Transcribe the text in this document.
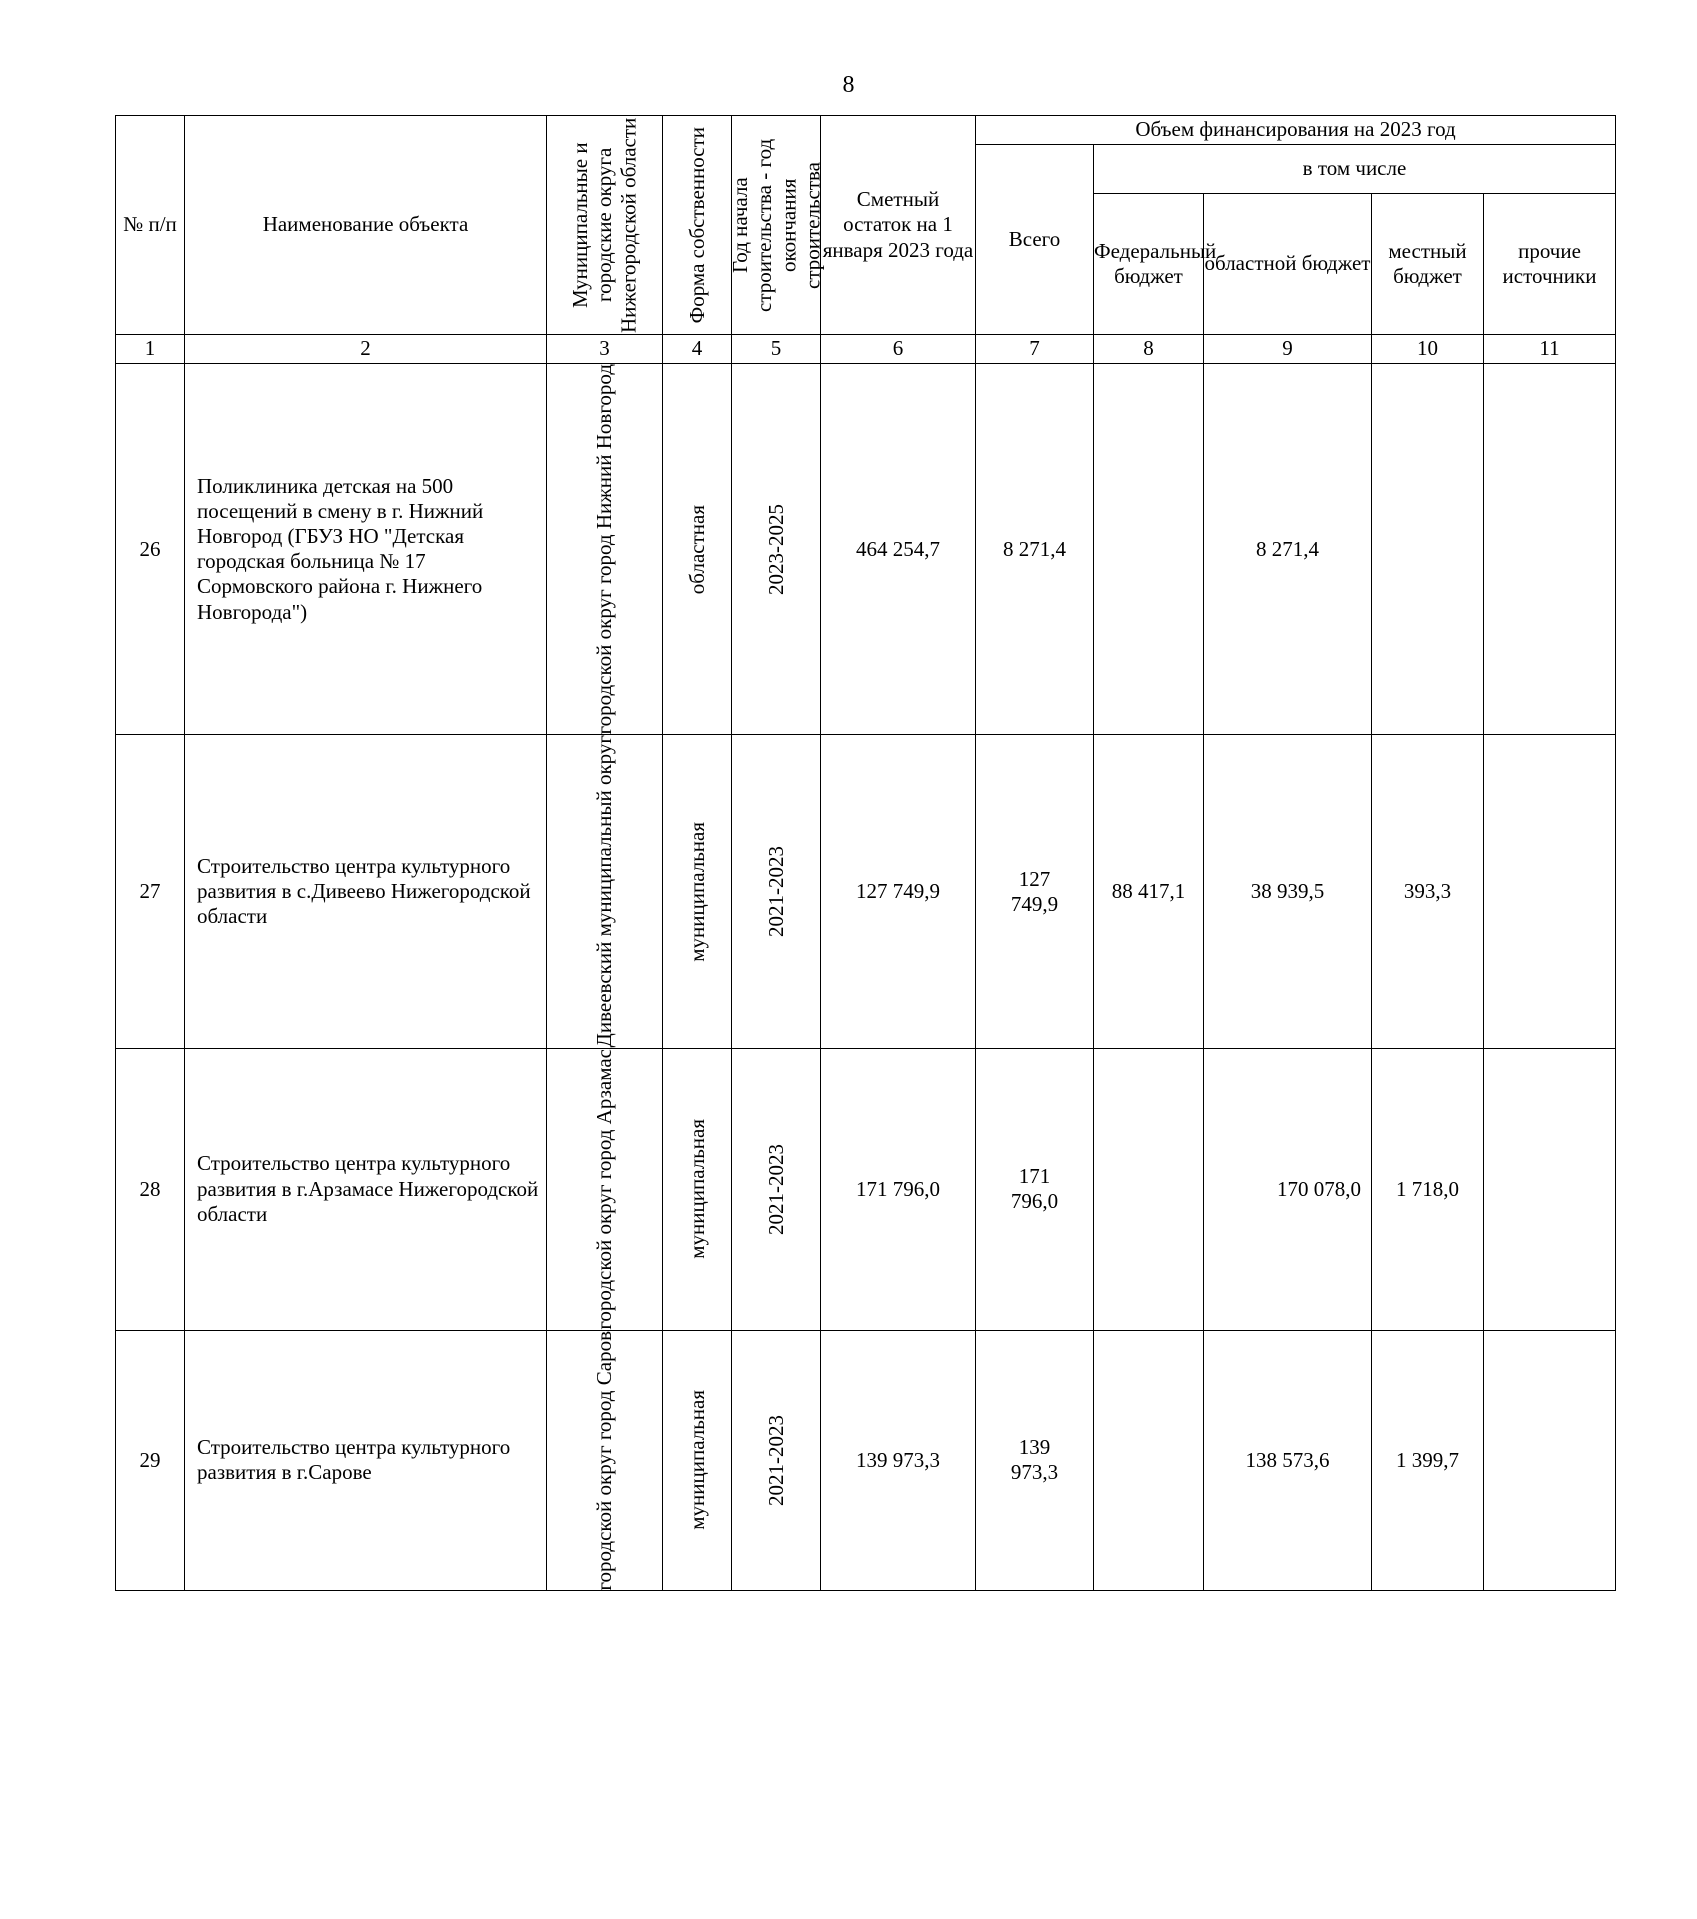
8
№ п/п	Наименование объекта	Муниципальные и городские округа Нижегородской области	Форма собственности	Год начала строительства - год окончания строительства	Сметный остаток на 1 января 2023 года	Объем финансирования на 2023 год				
						Всего	в том числе			
							Федеральный бюджет	областной бюджет	местный бюджет	прочие источники
1	2	3	4	5	6	7	8	9	10	11
26	Поликлиника детская на 500 посещений в смену в г. Нижний Новгород (ГБУЗ НО "Детская городская больница № 17 Сормовского района г. Нижнего Новгорода")	городской округ город Нижний Новгород	областная	2023-2025	464 254,7	8 271,4		8 271,4		
27	Строительство центра культурного развития в с.Дивеево Нижегородской области	Дивеевский муниципальный округ	муниципальная	2021-2023	127 749,9	127 749,9	88 417,1	38 939,5	393,3	
28	Строительство центра культурного развития в г.Арзамасе Нижегородской области	городской округ город Арзамас	муниципальная	2021-2023	171 796,0	171 796,0		170 078,0	1 718,0	
29	Строительство центра культурного развития в г.Сарове	городской округ город Саров	муниципальная	2021-2023	139 973,3	139 973,3		138 573,6	1 399,7	
